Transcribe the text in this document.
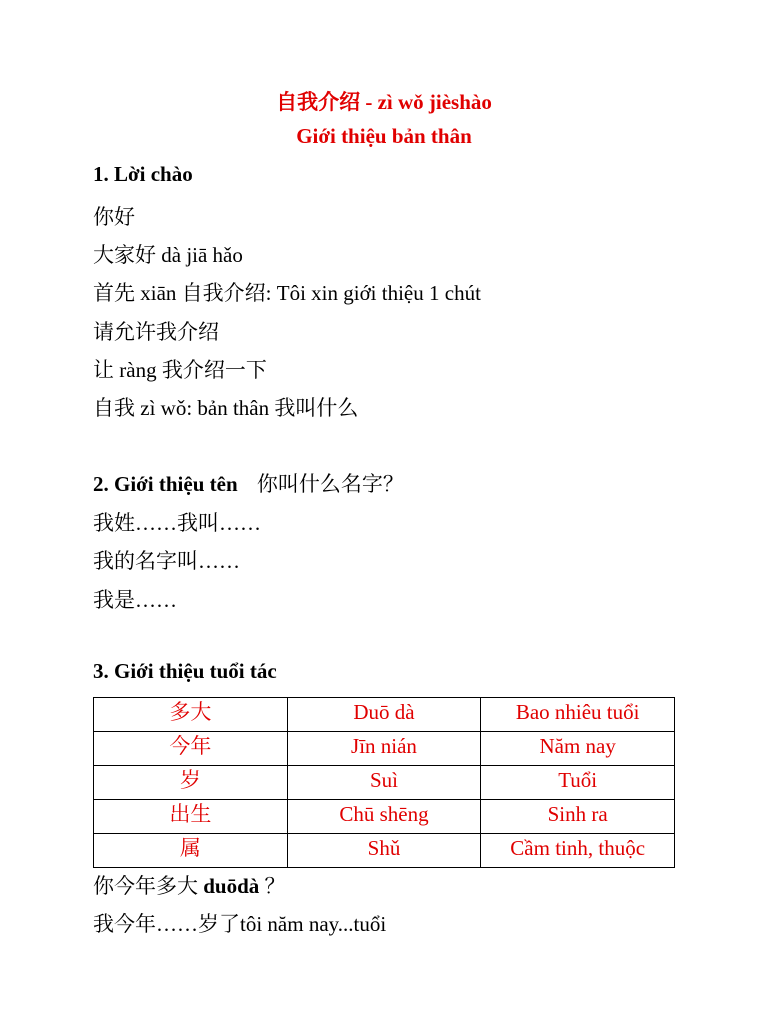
自我介绍 - zì wǒ jièshào
Giới thiệu bản thân
1. Lời chào
你好
大家好 dà jiā hǎo
首先 xiān 自我介绍: Tôi xin giới thiệu 1 chút
请允许我介绍
让 ràng 我介绍一下
自我 zì wǒ: bản thân 我叫什么
2. Giới thiệu tên 你叫什么名字？
我姓……我叫……
我的名字叫……
我是……
3. Giới thiệu tuổi tác
多大	Duō dà	Bao nhiêu tuổi
今年	Jīn nián	Năm nay
岁	Suì	Tuổi
出生	Chū shēng	Sinh ra
属	Shǔ	Cầm tinh, thuộc
你今年多大 duōdà ？
我今年……岁了tôi năm nay...tuổi
